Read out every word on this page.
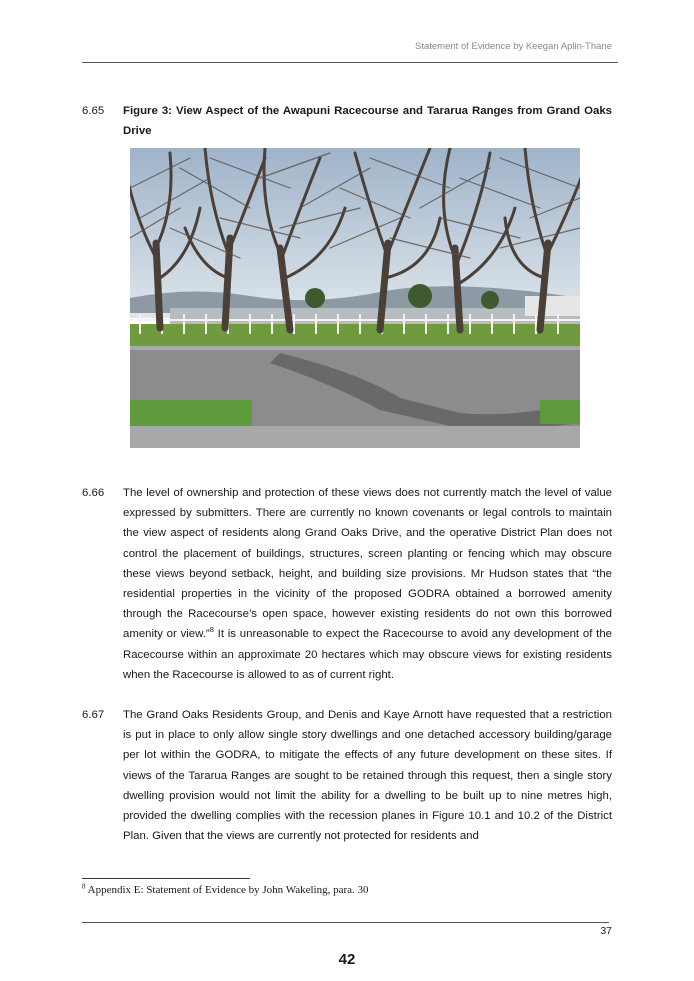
Statement of Evidence by Keegan Aplin-Thane
6.65 Figure 3: View Aspect of the Awapuni Racecourse and Tararua Ranges from Grand Oaks Drive
6.66 The level of ownership and protection of these views does not currently match the level of value expressed by submitters. There are currently no known covenants or legal controls to maintain the view aspect of residents along Grand Oaks Drive, and the operative District Plan does not control the placement of buildings, structures, screen planting or fencing which may obscure these views beyond setback, height, and building size provisions. Mr Hudson states that “the residential properties in the vicinity of the proposed GODRA obtained a borrowed amenity through the Racecourse’s open space, however existing residents do not own this borrowed amenity or view.”$^8$ It is unreasonable to expect the Racecourse to avoid any development of the Racecourse within an approximate 20 hectares which may obscure views for existing residents when the Racecourse is allowed to as of current right.
6.67 The Grand Oaks Residents Group, and Denis and Kaye Arnott have requested that a restriction is put in place to only allow single story dwellings and one detached accessory building/garage per lot within the GODRA, to mitigate the effects of any future development on these sites. If views of the Tararua Ranges are sought to be retained through this request, then a single story dwelling provision would not limit the ability for a dwelling to be built up to nine metres high, provided the dwelling complies with the recession planes in Figure 10.1 and 10.2 of the District Plan. Given that the views are currently not protected for residents and
$^8$ Appendix E: Statement of Evidence by John Wakeling, para. 30
37
42
